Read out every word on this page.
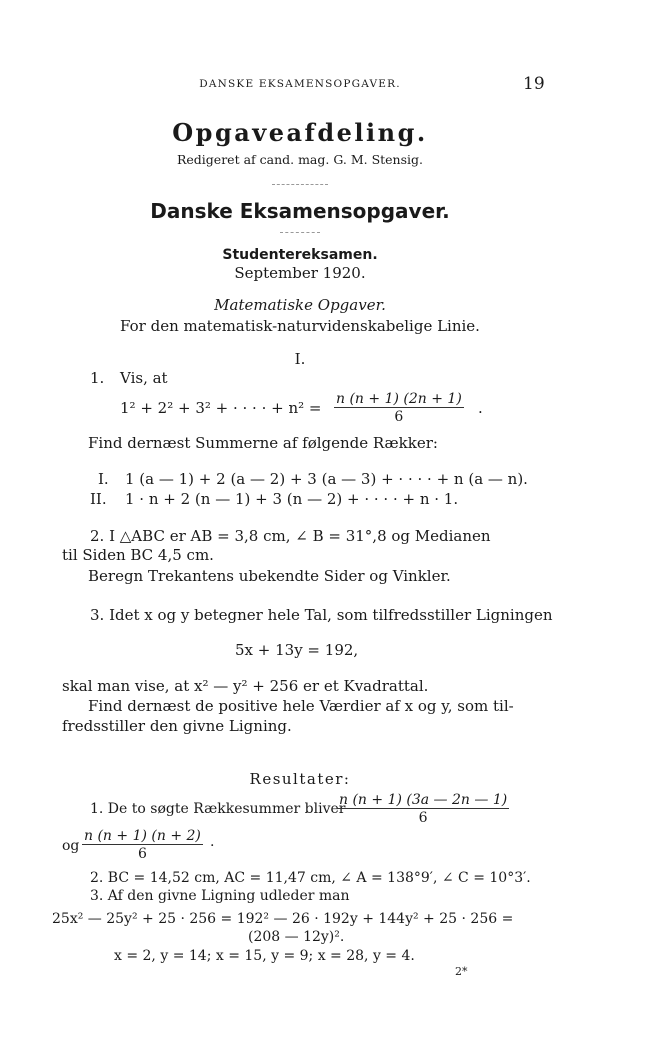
DANSKE EKSAMENSOPGAVER.	19
Opgaveafdeling.
Redigeret af cand. mag. G. M. Stensig.
Danske Eksamensopgaver.
Studentereksamen.
September 1920.
Matematiske Opgaver.
For den matematisk-naturvidenskabelige Linie.
I.
1. Vis, at
1² + 2² + 3² + · · · · + $n^2 = \frac{n (n + 1) (2n + 1)}{6}$ .
Find dernæst Summerne af følgende Rækker:
I. 1 (a — 1) + 2 (a — 2) + 3 (a — 3) + · · · · + n (a — n).
II. 1 · n + 2 (n — 1) + 3 (n — 2) + · · · · + n · 1.
2. I △ABC er AB = 3,8 cm, ∠ B = 31°,8 og Medianen
til Siden BC 4,5 cm.
Beregn Trekantens ubekendte Sider og Vinkler.
3. Idet x og y betegner hele Tal, som tilfredsstiller Ligningen
5x + 13y = 192,
skal man vise, at x² — y² + 256 er et Kvadrattal.
Find dernæst de positive hele Værdier af x og y, som til-
fredsstiller den givne Ligning.
Resultater:
1. De to søgte Rækkesummer bliver
$\frac{n (n + 1) (3a — 2n — 1)}{6}$
og $\frac{n (n + 1) (n + 2)}{6}$ .
2. BC = 14,52 cm, AC = 11,47 cm, ∠ A = 138°9′, ∠ C = 10°3′.
3. Af den givne Ligning udleder man
25x² — 25y² + 25 · 256 = 192² — 26 · 192y + 144y² + 25 · 256 =
(208 — 12y)².
x = 2, y = 14; x = 15, y = 9; x = 28, y = 4.
2*
